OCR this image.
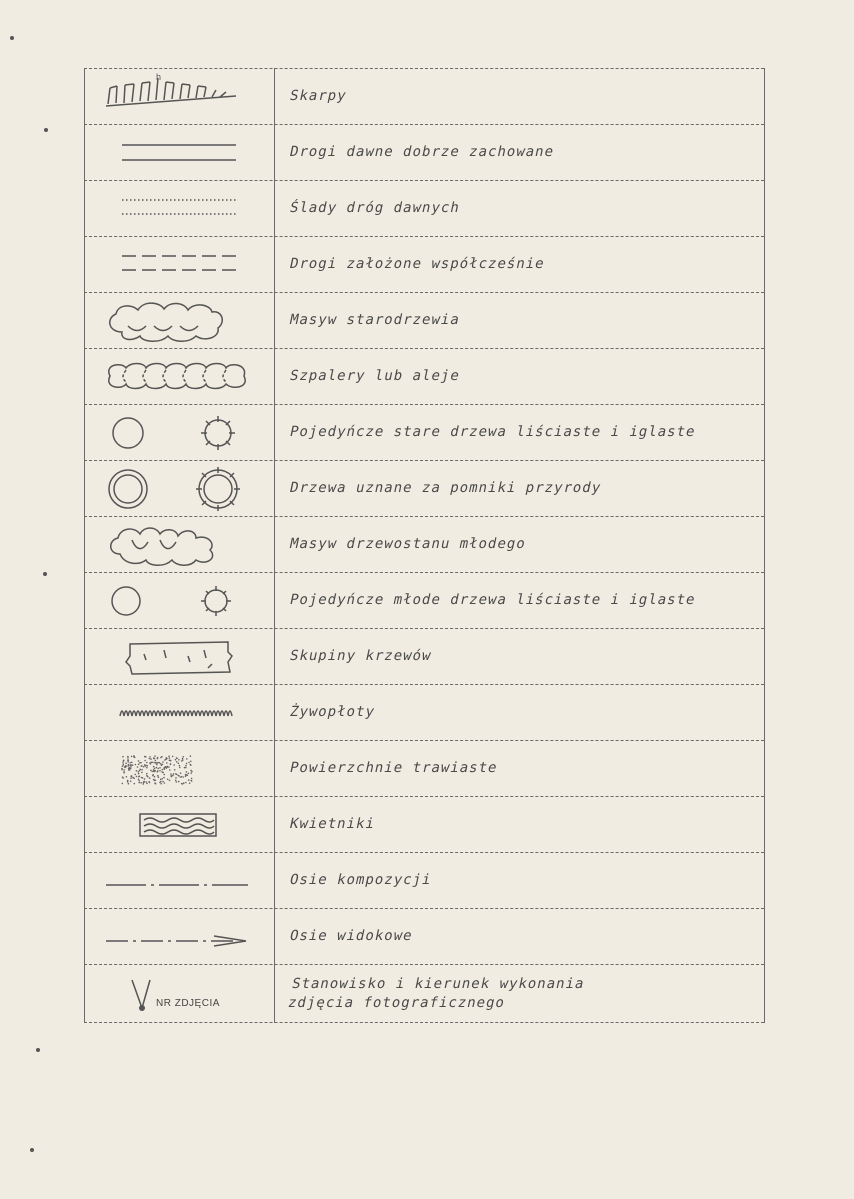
h
Skarpy
Drogi dawne dobrze zachowane
Ślady dróg dawnych
Drogi założone współcześnie
Masyw starodrzewia
Szpalery lub aleje
Pojedyńcze stare drzewa liściaste i iglaste
Drzewa uznane za pomniki przyrody
Masyw drzewostanu młodego
Pojedyńcze młode drzewa liściaste i iglaste
Skupiny krzewów
Żywopłoty
Powierzchnie trawiaste
Kwietniki
Osie kompozycji
Osie widokowe
NR ZDJĘCIA
Stanowisko i kierunek wykonania
zdjęcia fotograficznego
